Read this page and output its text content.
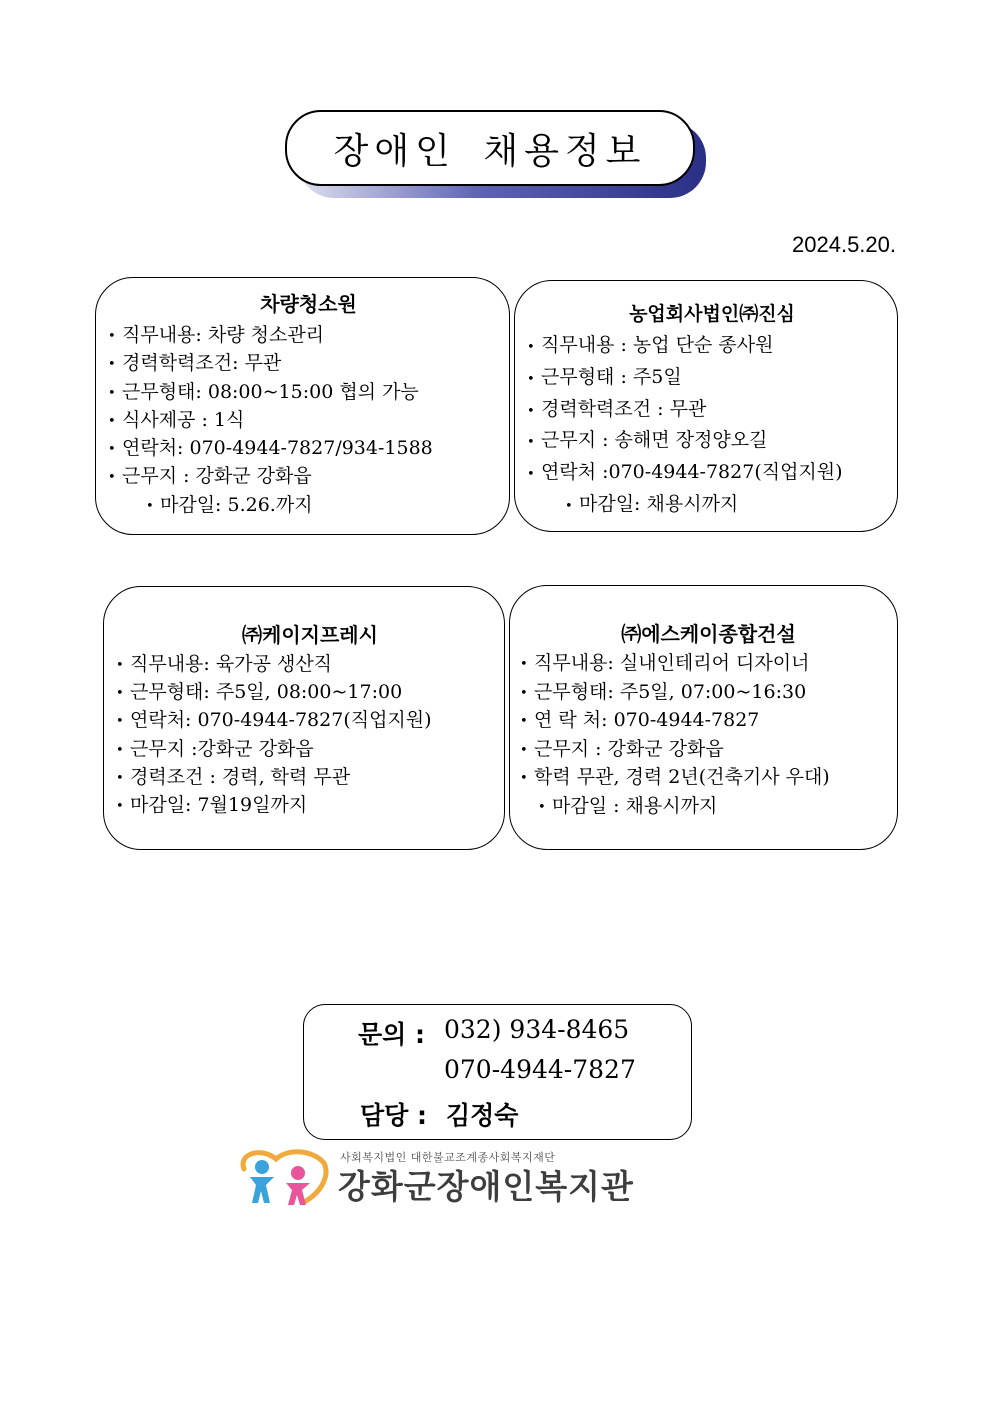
장애인 채용정보
2024.5.20.
차량청소원
• 직무내용: 차량 청소관리
• 경력학력조건: 무관
• 근무형태: 08:00~15:00 협의 가능
• 식사제공 : 1식
• 연락처: 070-4944-7827/934-1588
• 근무지 : 강화군 강화읍
• 마감일: 5.26.까지
농업회사법인㈜진심
• 직무내용 : 농업 단순 종사원
• 근무형태 : 주5일
• 경력학력조건 : 무관
• 근무지 : 송해면 장정양오길
• 연락처 :070-4944-7827(직업지원)
• 마감일: 채용시까지
㈜케이지프레시
• 직무내용: 육가공 생산직
• 근무형태: 주5일, 08:00~17:00
• 연락처: 070-4944-7827(직업지원)
• 근무지 :강화군 강화읍
• 경력조건 : 경력, 학력 무관
• 마감일: 7월19일까지
㈜에스케이종합건설
• 직무내용: 실내인테리어 디자이너
• 근무형태: 주5일, 07:00~16:30
• 연 락 처: 070-4944-7827
• 근무지 : 강화군 강화읍
• 학력 무관, 경력 2년(건축기사 우대)
• 마감일 : 채용시까지
문의 : 032) 934-8465
070-4944-7827
담당 : 김정숙
사회복지법인 대한불교조계종사회복지재단
강화군장애인복지관
